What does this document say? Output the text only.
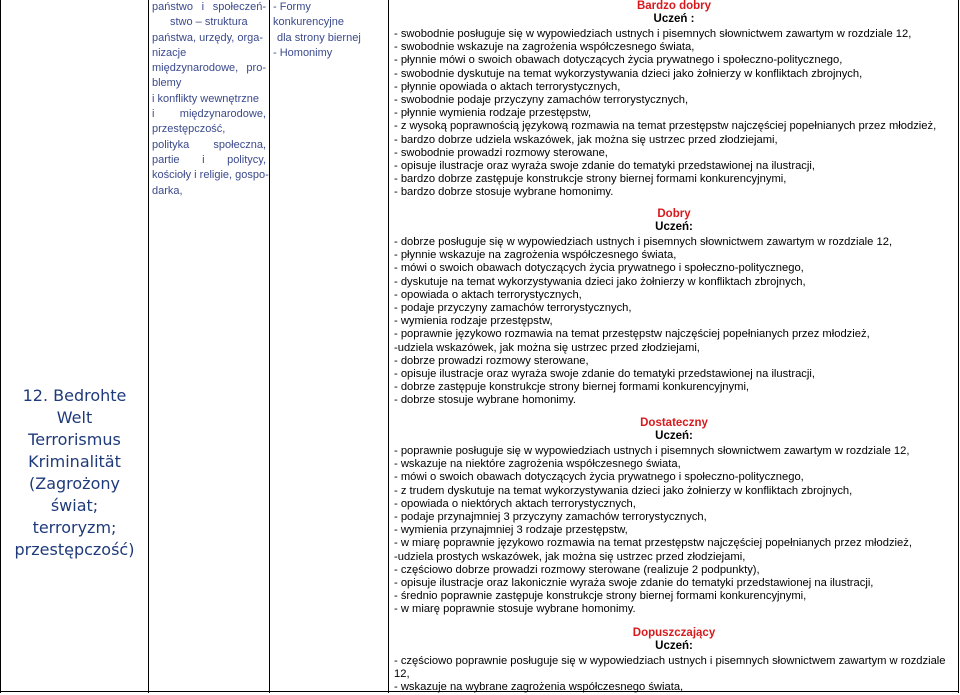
12. Bedrohte Welt
Terrorismus
Kriminalität
(Zagrożony świat;
terroryzm;
przestępczość)
państwo i społeczeń-
stwo – struktura
państwa, urzędy, orga-
nizacje
międzynarodowe, pro-
blemy
i konflikty wewnętrzne
i międzynarodowe,
przestępczość,
polityka społeczna,
partie i politycy,
kościoły i religie, gospo-
darka,
- Formy konkurencyjne
dla strony biernej
- Homonimy
Bardzo dobry
Uczeń :
- swobodnie posługuje się w wypowiedziach ustnych i pisemnych słownictwem zawartym w rozdziale 12,
- swobodnie wskazuje na zagrożenia współczesnego świata,
- płynnie mówi o swoich obawach dotyczących życia prywatnego i społeczno-politycznego,
- swobodnie dyskutuje na temat wykorzystywania dzieci jako żołnierzy w konfliktach zbrojnych,
- płynnie opowiada o aktach terrorystycznych,
- swobodnie podaje przyczyny zamachów terrorystycznych,
- płynnie wymienia rodzaje przestępstw,
- z wysoką poprawnością językową rozmawia na temat przestępstw najczęściej popełnianych przez młodzież,
- bardzo dobrze udziela wskazówek, jak można się ustrzec przed złodziejami,
- swobodnie prowadzi rozmowy sterowane,
- opisuje ilustracje oraz wyraża swoje zdanie do tematyki przedstawionej na ilustracji,
- bardzo dobrze zastępuje konstrukcje strony biernej formami konkurencyjnymi,
- bardzo dobrze stosuje wybrane homonimy.
Dobry
Uczeń:
- dobrze posługuje się w wypowiedziach ustnych i pisemnych słownictwem zawartym w rozdziale 12,
- płynnie wskazuje na zagrożenia współczesnego świata,
- mówi o swoich obawach dotyczących życia prywatnego i społeczno-politycznego,
- dyskutuje na temat wykorzystywania dzieci jako żołnierzy w konfliktach zbrojnych,
- opowiada o aktach terrorystycznych,
- podaje przyczyny zamachów terrorystycznych,
- wymienia rodzaje przestępstw,
- poprawnie językowo rozmawia na temat przestępstw najczęściej popełnianych przez młodzież,
-udziela wskazówek, jak można się ustrzec przed złodziejami,
- dobrze prowadzi rozmowy sterowane,
- opisuje ilustracje oraz wyraża swoje zdanie do tematyki przedstawionej na ilustracji,
- dobrze zastępuje konstrukcje strony biernej formami konkurencyjnymi,
- dobrze stosuje wybrane homonimy.
Dostateczny
Uczeń:
- poprawnie posługuje się w wypowiedziach ustnych i pisemnych słownictwem zawartym w rozdziale 12,
- wskazuje na niektóre zagrożenia współczesnego świata,
- mówi o swoich obawach dotyczących życia prywatnego i społeczno-politycznego,
- z trudem dyskutuje na temat wykorzystywania dzieci jako żołnierzy w konfliktach zbrojnych,
- opowiada o niektórych aktach terrorystycznych,
- podaje przynajmniej 3 przyczyny zamachów terrorystycznych,
- wymienia przynajmniej 3 rodzaje przestępstw,
- w miarę poprawnie językowo rozmawia na temat przestępstw najczęściej popełnianych przez młodzież,
-udziela prostych wskazówek, jak można się ustrzec przed złodziejami,
- częściowo dobrze prowadzi rozmowy sterowane (realizuje 2 podpunkty),
- opisuje ilustracje oraz lakonicznie wyraża swoje zdanie do tematyki przedstawionej na ilustracji,
- średnio poprawnie zastępuje konstrukcje strony biernej formami konkurencyjnymi,
- w miarę poprawnie stosuje wybrane homonimy.
Dopuszczający
Uczeń:
- częściowo poprawnie posługuje się w wypowiedziach ustnych i pisemnych słownictwem zawartym w rozdziale 12,
- wskazuje na wybrane zagrożenia współczesnego świata,
